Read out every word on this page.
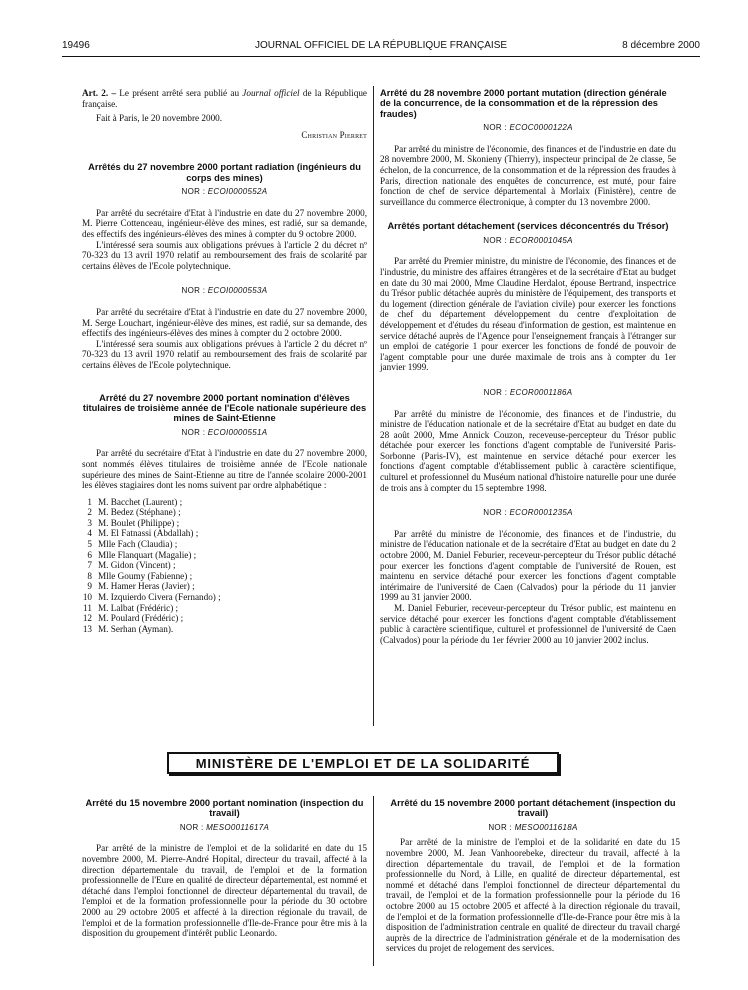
19496	JOURNAL OFFICIEL DE LA RÉPUBLIQUE FRANÇAISE	8 décembre 2000

Art. 2. – Le présent arrêté sera publié au Journal officiel de la République française.

Fait à Paris, le 20 novembre 2000.

Christian Pierret
Arrêtés du 27 novembre 2000 portant radiation (ingénieurs du corps des mines)
NOR : ECOI0000552A

Par arrêté du secrétaire d'Etat à l'industrie en date du 27 novembre 2000, M. Pierre Cottenceau, ingénieur-élève des mines, est radié, sur sa demande, des effectifs des ingénieurs-élèves des mines à compter du 9 octobre 2000.

L'intéressé sera soumis aux obligations prévues à l'article 2 du décret nº 70-323 du 13 avril 1970 relatif au remboursement des frais de scolarité par certains élèves de l'Ecole polytechnique.

NOR : ECOI0000553A

Par arrêté du secrétaire d'Etat à l'industrie en date du 27 novembre 2000, M. Serge Louchart, ingénieur-élève des mines, est radié, sur sa demande, des effectifs des ingénieurs-élèves des mines à compter du 2 octobre 2000.

L'intéressé sera soumis aux obligations prévues à l'article 2 du décret nº 70-323 du 13 avril 1970 relatif au remboursement des frais de scolarité par certains élèves de l'Ecole polytechnique.

Arrêté du 27 novembre 2000 portant nomination d'élèves titulaires de troisième année de l'Ecole nationale supérieure des mines de Saint-Etienne
NOR : ECOI0000551A

Par arrêté du secrétaire d'Etat à l'industrie en date du 27 novembre 2000, sont nommés élèves titulaires de troisième année de l'Ecole nationale supérieure des mines de Saint-Etienne au titre de l'année scolaire 2000-2001 les élèves stagiaires dont les noms suivent par ordre alphabétique :

1 M. Bacchet (Laurent) ;
2 M. Bedez (Stéphane) ;
3 M. Boulet (Philippe) ;
4 M. El Fatnassi (Abdallah) ;
5 Mlle Fach (Claudia) ;
6 Mlle Flanquart (Magalie) ;
7 M. Gidon (Vincent) ;
8 Mlle Goumy (Fabienne) ;
9 M. Hamer Heras (Javier) ;
10 M. Izquierdo Civera (Fernando) ;
11 M. Lalbat (Frédéric) ;
12 M. Poulard (Frédéric) ;
13 M. Serhan (Ayman).
Arrêté du 28 novembre 2000 portant mutation (direction générale de la concurrence, de la consommation et de la répression des fraudes)
NOR : ECOC0000122A

Par arrêté du ministre de l'économie, des finances et de l'industrie en date du 28 novembre 2000, M. Skonieny (Thierry), inspecteur principal de 2e classe, 5e échelon, de la concurrence, de la consommation et de la répression des fraudes à Paris, direction nationale des enquêtes de concurrence, est muté, pour faire fonction de chef de service départemental à Morlaix (Finistère), centre de surveillance du commerce électronique, à compter du 13 novembre 2000.

Arrêtés portant détachement (services déconcentrés du Trésor)
NOR : ECOR0001045A

Par arrêté du Premier ministre, du ministre de l'économie, des finances et de l'industrie, du ministre des affaires étrangères et de la secrétaire d'Etat au budget en date du 30 mai 2000, Mme Claudine Herdalot, épouse Bertrand, inspectrice du Trésor public détachée auprès du ministère de l'équipement, des transports et du logement (direction générale de l'aviation civile) pour exercer les fonctions de chef du département développement du centre d'exploitation de développement et d'études du réseau d'information de gestion, est maintenue en service détaché auprès de l'Agence pour l'enseignement français à l'étranger sur un emploi de catégorie 1 pour exercer les fonctions de fondé de pouvoir de l'agent comptable pour une durée maximale de trois ans à compter du 1er janvier 1999.

NOR : ECOR0001186A

Par arrêté du ministre de l'économie, des finances et de l'industrie, du ministre de l'éducation nationale et de la secrétaire d'Etat au budget en date du 28 août 2000, Mme Annick Couzon, receveuse-percepteur du Trésor public détachée pour exercer les fonctions d'agent comptable de l'université Paris-Sorbonne (Paris-IV), est maintenue en service détaché pour exercer les fonctions d'agent comptable d'établissement public à caractère scientifique, culturel et professionnel du Muséum national d'histoire naturelle pour une durée de trois ans à compter du 15 septembre 1998.

NOR : ECOR0001235A

Par arrêté du ministre de l'économie, des finances et de l'industrie, du ministre de l'éducation nationale et de la secrétaire d'Etat au budget en date du 2 octobre 2000, M. Daniel Feburier, receveur-percepteur du Trésor public détaché pour exercer les fonctions d'agent comptable de l'université de Rouen, est maintenu en service détaché pour exercer les fonctions d'agent comptable intérimaire de l'université de Caen (Calvados) pour la période du 11 janvier 1999 au 31 janvier 2000.

M. Daniel Feburier, receveur-percepteur du Trésor public, est maintenu en service détaché pour exercer les fonctions d'agent comptable d'établissement public à caractère scientifique, culturel et professionnel de l'université de Caen (Calvados) pour la période du 1er février 2000 au 10 janvier 2002 inclus.

MINISTÈRE DE L'EMPLOI ET DE LA SOLIDARITÉ
Arrêté du 15 novembre 2000 portant nomination (inspection du travail)
NOR : MESO0011617A

Par arrêté de la ministre de l'emploi et de la solidarité en date du 15 novembre 2000, M. Pierre-André Hopital, directeur du travail, affecté à la direction départementale du travail, de l'emploi et de la formation professionnelle de l'Eure en qualité de directeur départemental, est nommé et détaché dans l'emploi fonctionnel de directeur départemental du travail, de l'emploi et de la formation professionnelle pour la période du 30 octobre 2000 au 29 octobre 2005 et affecté à la direction régionale du travail, de l'emploi et de la formation professionnelle d'Ile-de-France pour être mis à la disposition du groupement d'intérêt public Leonardo.

Arrêté du 15 novembre 2000 portant détachement (inspection du travail)
NOR : MESO0011618A

Par arrêté de la ministre de l'emploi et de la solidarité en date du 15 novembre 2000, M. Jean Vanhoorebeke, directeur du travail, affecté à la direction départementale du travail, de l'emploi et de la formation professionnelle du Nord, à Lille, en qualité de directeur départemental, est nommé et détaché dans l'emploi fonctionnel de directeur départemental du travail, de l'emploi et de la formation professionnelle pour la période du 16 octobre 2000 au 15 octobre 2005 et affecté à la direction régionale du travail, de l'emploi et de la formation professionnelle d'Ile-de-France pour être mis à la disposition de l'administration centrale en qualité de directeur du travail chargé auprès de la directrice de l'administration générale et de la modernisation des services du projet de relogement des services.
